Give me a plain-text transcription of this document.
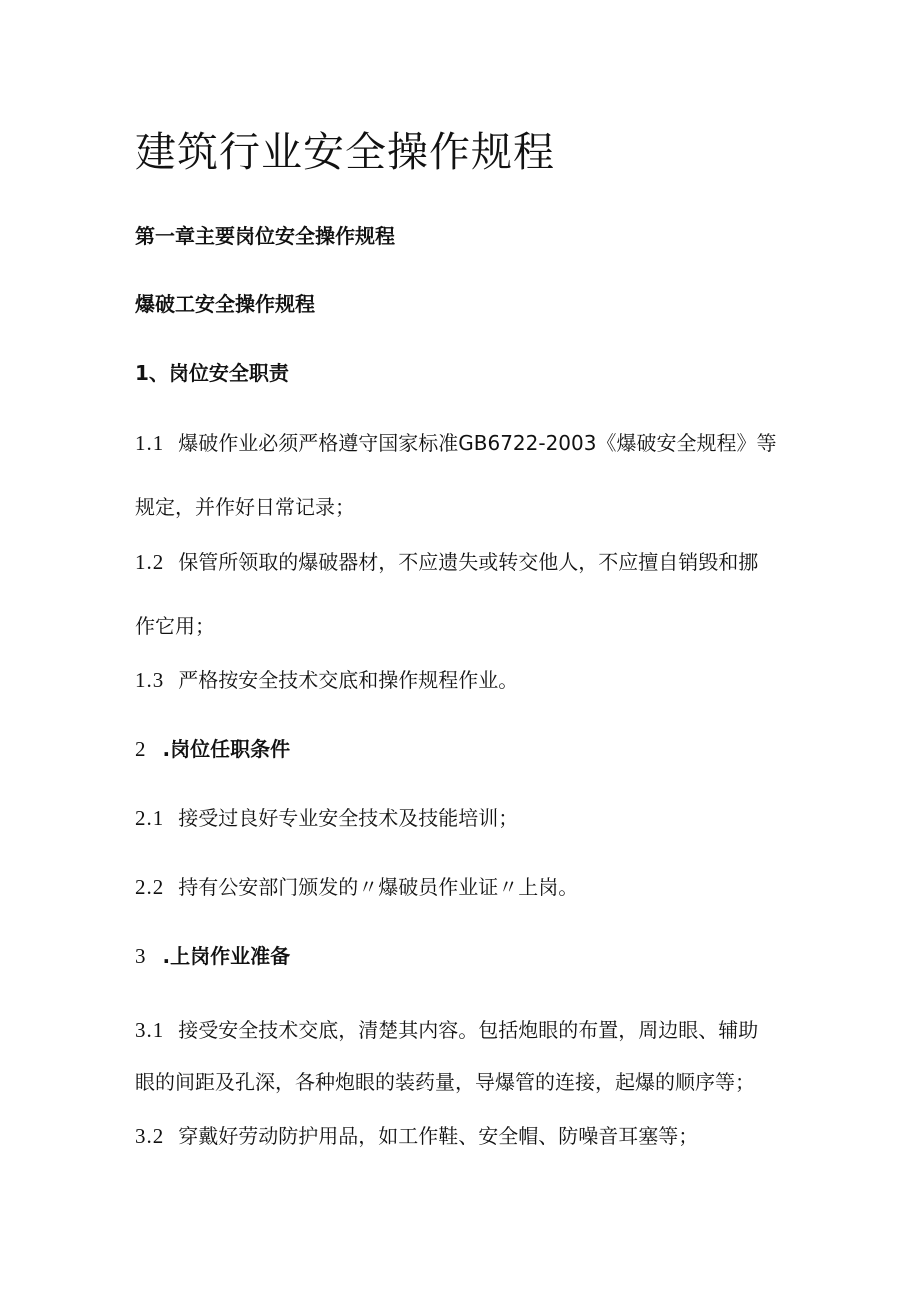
建筑行业安全操作规程
第一章主要岗位安全操作规程
爆破工安全操作规程
1、岗位安全职责
1.1 爆破作业必须严格遵守国家标准GB6722-2003《爆破安全规程》等
规定，并作好日常记录；
1.2 保管所领取的爆破器材，不应遗失或转交他人，不应擅自销毁和挪
作它用；
1.3 严格按安全技术交底和操作规程作业。
2 .岗位任职条件
2.1 接受过良好专业安全技术及技能培训；
2.2 持有公安部门颁发的〃爆破员作业证〃上岗。
3 .上岗作业准备
3.1 接受安全技术交底，清楚其内容。包括炮眼的布置，周边眼、辅助
眼的间距及孔深，各种炮眼的装药量，导爆管的连接，起爆的顺序等；
3.2 穿戴好劳动防护用品，如工作鞋、安全帽、防噪音耳塞等；
